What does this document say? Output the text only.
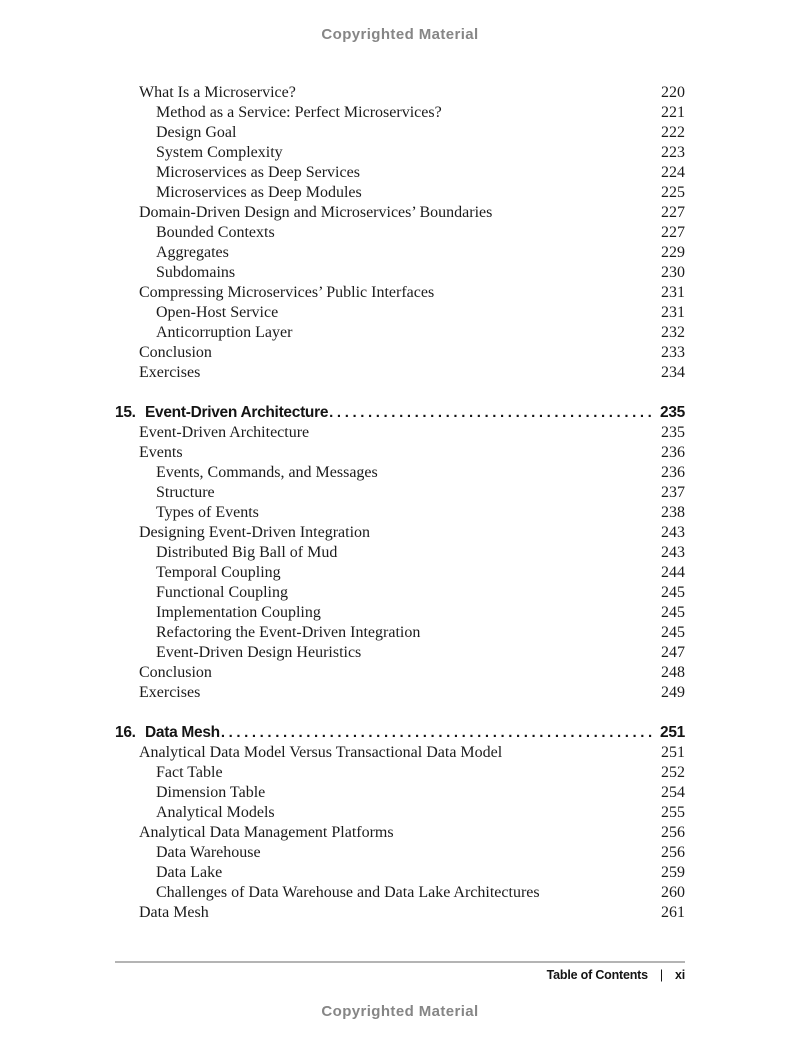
Copyrighted Material
What Is a Microservice?	220
Method as a Service: Perfect Microservices?	221
Design Goal	222
System Complexity	223
Microservices as Deep Services	224
Microservices as Deep Modules	225
Domain-Driven Design and Microservices’ Boundaries	227
Bounded Contexts	227
Aggregates	229
Subdomains	230
Compressing Microservices’ Public Interfaces	231
Open-Host Service	231
Anticorruption Layer	232
Conclusion	233
Exercises	234
15. Event-Driven Architecture .....	235
Event-Driven Architecture	235
Events	236
Events, Commands, and Messages	236
Structure	237
Types of Events	238
Designing Event-Driven Integration	243
Distributed Big Ball of Mud	243
Temporal Coupling	244
Functional Coupling	245
Implementation Coupling	245
Refactoring the Event-Driven Integration	245
Event-Driven Design Heuristics	247
Conclusion	248
Exercises	249
16. Data Mesh .....	251
Analytical Data Model Versus Transactional Data Model	251
Fact Table	252
Dimension Table	254
Analytical Models	255
Analytical Data Management Platforms	256
Data Warehouse	256
Data Lake	259
Challenges of Data Warehouse and Data Lake Architectures	260
Data Mesh	261
Table of Contents | xi
Copyrighted Material
